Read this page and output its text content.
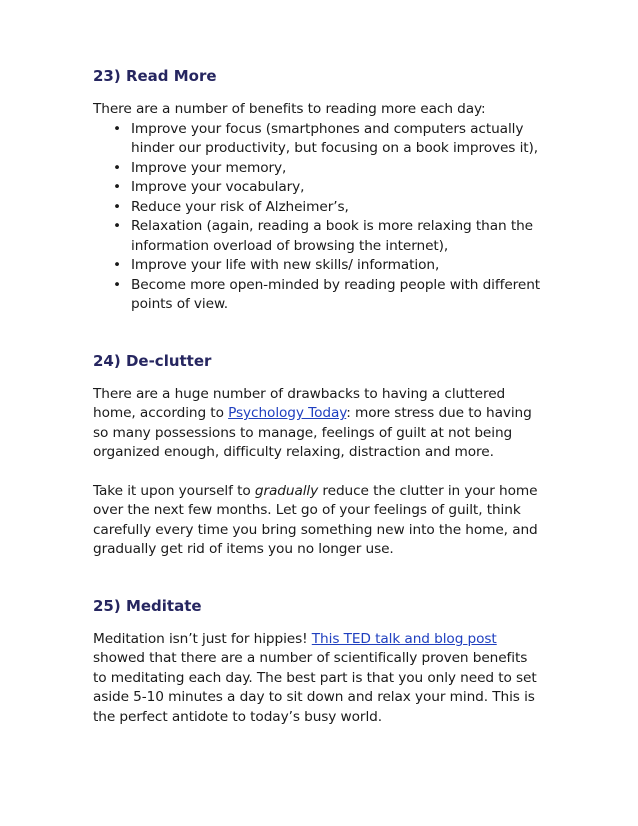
23) Read More

There are a number of benefits to reading more each day:

• Improve your focus (smartphones and computers actually
hinder our productivity, but focusing on a book improves it),
• Improve your memory,
• Improve your vocabulary,
• Reduce your risk of Alzheimer’s,
• Relaxation (again, reading a book is more relaxing than the
information overload of browsing the internet),
• Improve your life with new skills/ information,
• Become more open-minded by reading people with different
points of view.
24) De-clutter
There are a huge number of drawbacks to having a cluttered
home, according to Psychology Today: more stress due to having
so many possessions to manage, feelings of guilt at not being
organized enough, difficulty relaxing, distraction and more.
Take it upon yourself to gradually reduce the clutter in your home
over the next few months. Let go of your feelings of guilt, think
carefully every time you bring something new into the home, and
gradually get rid of items you no longer use.
25) Meditate
Meditation isn’t just for hippies! This TED talk and blog post
showed that there are a number of scientifically proven benefits
to meditating each day. The best part is that you only need to set
aside 5-10 minutes a day to sit down and relax your mind. This is
the perfect antidote to today’s busy world.
